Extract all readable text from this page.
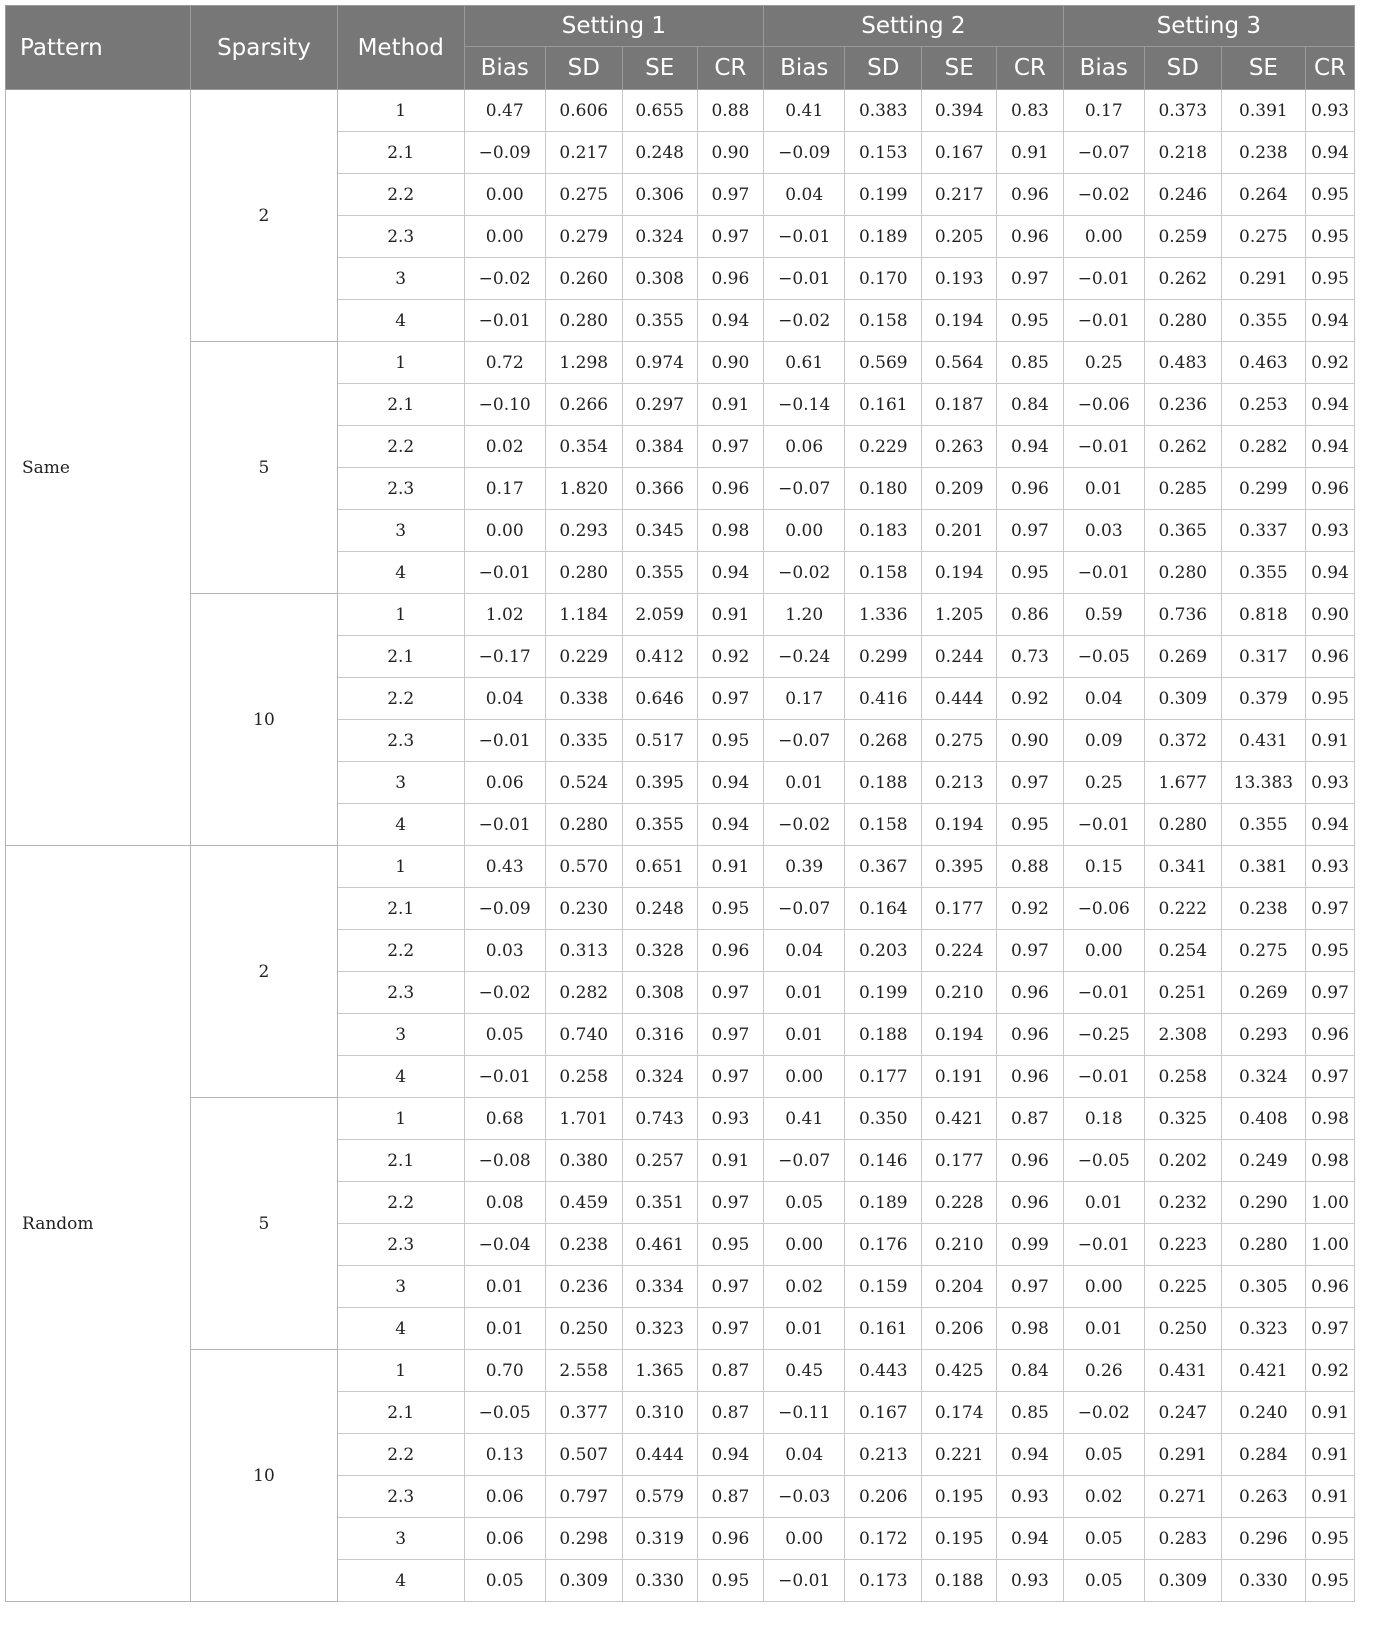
Pattern	Sparsity	Method	Setting 1				Setting 2				Setting 3			
			Bias	SD	SE	CR	Bias	SD	SE	CR	Bias	SD	SE	CR
Same	2	1	0.47	0.606	0.655	0.88	0.41	0.383	0.394	0.83	0.17	0.373	0.391	0.93
		2.1	−0.09	0.217	0.248	0.90	−0.09	0.153	0.167	0.91	−0.07	0.218	0.238	0.94
		2.2	0.00	0.275	0.306	0.97	0.04	0.199	0.217	0.96	−0.02	0.246	0.264	0.95
		2.3	0.00	0.279	0.324	0.97	−0.01	0.189	0.205	0.96	0.00	0.259	0.275	0.95
		3	−0.02	0.260	0.308	0.96	−0.01	0.170	0.193	0.97	−0.01	0.262	0.291	0.95
		4	−0.01	0.280	0.355	0.94	−0.02	0.158	0.194	0.95	−0.01	0.280	0.355	0.94
	5	1	0.72	1.298	0.974	0.90	0.61	0.569	0.564	0.85	0.25	0.483	0.463	0.92
		2.1	−0.10	0.266	0.297	0.91	−0.14	0.161	0.187	0.84	−0.06	0.236	0.253	0.94
		2.2	0.02	0.354	0.384	0.97	0.06	0.229	0.263	0.94	−0.01	0.262	0.282	0.94
		2.3	0.17	1.820	0.366	0.96	−0.07	0.180	0.209	0.96	0.01	0.285	0.299	0.96
		3	0.00	0.293	0.345	0.98	0.00	0.183	0.201	0.97	0.03	0.365	0.337	0.93
		4	−0.01	0.280	0.355	0.94	−0.02	0.158	0.194	0.95	−0.01	0.280	0.355	0.94
	10	1	1.02	1.184	2.059	0.91	1.20	1.336	1.205	0.86	0.59	0.736	0.818	0.90
		2.1	−0.17	0.229	0.412	0.92	−0.24	0.299	0.244	0.73	−0.05	0.269	0.317	0.96
		2.2	0.04	0.338	0.646	0.97	0.17	0.416	0.444	0.92	0.04	0.309	0.379	0.95
		2.3	−0.01	0.335	0.517	0.95	−0.07	0.268	0.275	0.90	0.09	0.372	0.431	0.91
		3	0.06	0.524	0.395	0.94	0.01	0.188	0.213	0.97	0.25	1.677	13.383	0.93
		4	−0.01	0.280	0.355	0.94	−0.02	0.158	0.194	0.95	−0.01	0.280	0.355	0.94
Random	2	1	0.43	0.570	0.651	0.91	0.39	0.367	0.395	0.88	0.15	0.341	0.381	0.93
		2.1	−0.09	0.230	0.248	0.95	−0.07	0.164	0.177	0.92	−0.06	0.222	0.238	0.97
		2.2	0.03	0.313	0.328	0.96	0.04	0.203	0.224	0.97	0.00	0.254	0.275	0.95
		2.3	−0.02	0.282	0.308	0.97	0.01	0.199	0.210	0.96	−0.01	0.251	0.269	0.97
		3	0.05	0.740	0.316	0.97	0.01	0.188	0.194	0.96	−0.25	2.308	0.293	0.96
		4	−0.01	0.258	0.324	0.97	0.00	0.177	0.191	0.96	−0.01	0.258	0.324	0.97
	5	1	0.68	1.701	0.743	0.93	0.41	0.350	0.421	0.87	0.18	0.325	0.408	0.98
		2.1	−0.08	0.380	0.257	0.91	−0.07	0.146	0.177	0.96	−0.05	0.202	0.249	0.98
		2.2	0.08	0.459	0.351	0.97	0.05	0.189	0.228	0.96	0.01	0.232	0.290	1.00
		2.3	−0.04	0.238	0.461	0.95	0.00	0.176	0.210	0.99	−0.01	0.223	0.280	1.00
		3	0.01	0.236	0.334	0.97	0.02	0.159	0.204	0.97	0.00	0.225	0.305	0.96
		4	0.01	0.250	0.323	0.97	0.01	0.161	0.206	0.98	0.01	0.250	0.323	0.97
	10	1	0.70	2.558	1.365	0.87	0.45	0.443	0.425	0.84	0.26	0.431	0.421	0.92
		2.1	−0.05	0.377	0.310	0.87	−0.11	0.167	0.174	0.85	−0.02	0.247	0.240	0.91
		2.2	0.13	0.507	0.444	0.94	0.04	0.213	0.221	0.94	0.05	0.291	0.284	0.91
		2.3	0.06	0.797	0.579	0.87	−0.03	0.206	0.195	0.93	0.02	0.271	0.263	0.91
		3	0.06	0.298	0.319	0.96	0.00	0.172	0.195	0.94	0.05	0.283	0.296	0.95
		4	0.05	0.309	0.330	0.95	−0.01	0.173	0.188	0.93	0.05	0.309	0.330	0.95
